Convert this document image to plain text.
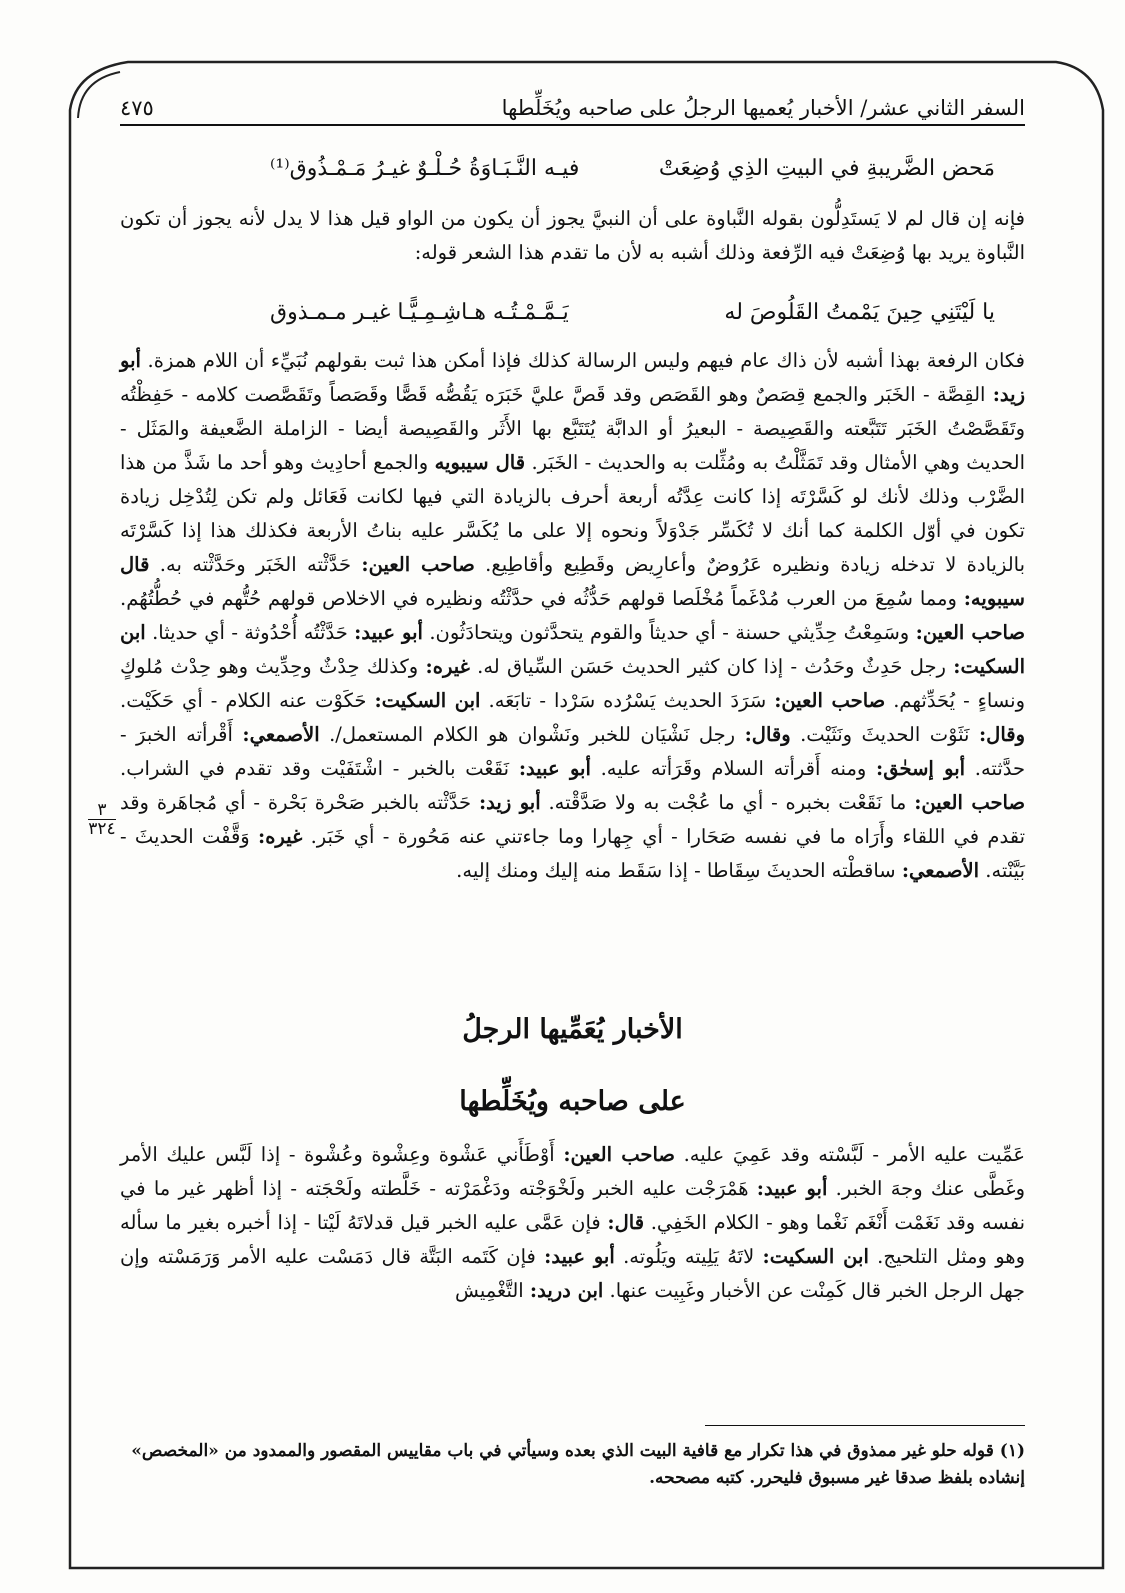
السفر الثاني عشر/ الأخبار يُعميها الرجلُ على صاحبه ويُخَلِّطها
٤٧٥
مَحض الضَّريبةِ في البيتِ الذِي وُضِعَتْ
فيـه النَّـبَـاوَةُ حُـلْـوٌ غيـرُ مَـمْـذُوق⁽¹⁾

فإنه إن قال لم لا يَستَدِلُّون بقوله النَّباوة على أن النبيَّ يجوز أن يكون من الواو قيل هذا لا يدل لأنه يجوز أن تكون النَّباوة يريد بها وُضِعَتْ فيه الرِّفعة وذلك أشبه به لأن ما تقدم هذا الشعر قوله:

يا لَيْتَنِي حِينَ يَمْمتُ القَلُوصَ له
يَـمَّـمْـتُـه هـاشِـمِـيًّـا غيـر مـمـذوق

فكان الرفعة بهذا أشبه لأن ذاك عام فيهم وليس الرسالة كذلك فإذا أمكن هذا ثبت بقولهم نُبَيِّء أن اللام همزة. أبو زيد: القِصَّة - الخَبَر والجمع قِصَصٌ وهو القَصَص وقد قَصَّ عليَّ خَبَرَه يَقُصُّه قَصًّا وقَصَصاً وتَقَصَّصت كلامه - حَفِظْتُه وتَقَصَّصْتُ الخَبَر تَتَبَّعته والقَصِيصة - البعيرُ أو الدابَّة يُتَتَبَّع بها الأَثَر والقَصِيصة أيضا - الزاملة الضَّعيفة والمَثَل - الحديث وهي الأمثال وقد تَمَثَّلْتُ به ومُثِّلت به والحديث - الخَبَر. قال سيبويه والجمع أحادِيث وهو أحد ما شَذَّ من هذا الضَّرْب وذلك لأنك لو كَسَّرْتَه إذا كانت عِدَّتُه أربعة أحرف بالزيادة التي فيها لكانت فَعَائل ولم تكن لِتُدْخِل زيادة تكون في أوّل الكلمة كما أنك لا تُكَسِّر جَدْوَلاً ونحوه إلا على ما يُكَسَّر عليه بناتُ الأربعة فكذلك هذا إذا كَسَّرْتَه بالزيادة لا تدخله زيادة ونظيره عَرُوضٌ وأعارِيض وقَطِيع وأقاطِيع. صاحب العين: حَدَّثْته الخَبَر وحَدَّثْته به. قال سيبويه: ومما سُمِعَ من العرب مُدْغَماً مُخْلَصا قولهم حَدُّثُه في حدَّثْتُه ونظيره في الاخلاص قولهم حُتُّهم في حُطُّتُهُم. صاحب العين: وسَمِعْتُ حِدِّيثي حسنة - أي حديثاً والقوم يتحدَّثون ويتحادَثُون. أبو عبيد: حَدَّثْتُه أُحْدُوثة - أي حديثا. ابن السكيت: رجل حَدِثٌ وحَدُث - إذا كان كثير الحديث حَسَن السِّياق له. غيره: وكذلك حِدْثٌ وحِدِّيث وهو حِدْث مُلوكٍ ونساءٍ - يُحَدِّثهم. صاحب العين: سَرَدَ الحديث يَسْرُده سَرْدا - تابَعَه. ابن السكيت: حَكَوْت عنه الكلام - أي حَكَيْت. وقال: نَثَوْت الحديثَ ونَثَيْت. وقال: رجل نَشْيَان للخبر ونَشْوان هو الكلام المستعمل/. الأصمعي: أَقْرأته الخبرَ - حدَّثته. أبو إسحٰق: ومنه أَقرأته السلام وقَرَأته عليه. أبو عبيد: نَقَعْت بالخبر - اشْتَفَيْت وقد تقدم في الشراب. صاحب العين: ما نَقَعْت بخبره - أي ما عُجْت به ولا صَدَّقْته. أبو زيد: حَدَّثْته بالخبر صَحْرة بَحْرة - أي مُجاهَرة وقد تقدم في اللقاء وأَرَاه ما في نفسه صَحَارا - أي جِهارا وما جاءتني عنه مَحُورة - أي خَبَر. غيره: وَقَّفْت الحديثَ - بَيَّنْته. الأصمعي: ساقطْته الحديثَ سِقَاطا - إذا سَقَط منه إليك ومنك إليه.

الأخبار يُعَمِّيها الرجلُ
على صاحبه ويُخَلِّطها

عَمِّيت عليه الأمر - لَبَّسْته وقد عَمِيَ عليه. صاحب العين: أَوْطَأَني عَشْوة وعِشْوة وعُشْوة - إذا لَبَّس عليك الأمر وغَطَّى عنك وجهَ الخبر. أبو عبيد: هَمْرَجْت عليه الخبر ولَخْوَجْته ودَغْمَرْته - خَلَّطته ولَحْجَته - إذا أظهر غير ما في نفسه وقد نَغَمْت أَنْغَم نَغْما وهو - الكلام الخَفِي. قال: فإن عَمَّى عليه الخبر قيل قدلاتَهُ لَيْتا - إذا أخبره بغير ما سأله وهو ومثل التلحيج. ابن السكيت: لاتَهُ يَلِيته ويَلُوته. أبو عبيد: فإن كَتَمه البَتَّة قال دَمَسْت عليه الأمر وَرَمَسْته وإن جهل الرجل الخبر قال كَمِنْت عن الأخبار وغَبِيت عنها. ابن دريد: التَّغْمِيش

(١) قوله حلو غير ممذوق في هذا تكرار مع قافية البيت الذي بعده وسيأتي في باب مقاييس المقصور والممدود من «المخصص» إنشاده بلفظ صدقا غير مسبوق فليحرر. كتبه مصححه.
٣
٣٢٤
